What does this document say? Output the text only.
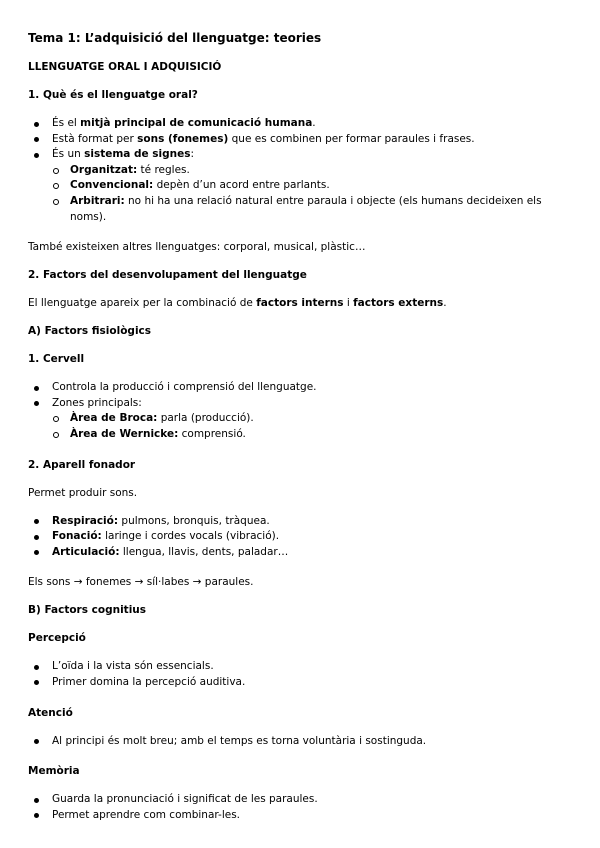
Tema 1: L’adquisició del llenguatge: teories
LLENGUATGE ORAL I ADQUISICIÓ
1. Què és el llenguatge oral?
És el mitjà principal de comunicació humana.
Està format per sons (fonemes) que es combinen per formar paraules i frases.
És un sistema de signes:
Organitzat: té regles.
Convencional: depèn d’un acord entre parlants.
Arbitrari: no hi ha una relació natural entre paraula i objecte (els humans decideixen els noms).
També existeixen altres llenguatges: corporal, musical, plàstic…
2. Factors del desenvolupament del llenguatge
El llenguatge apareix per la combinació de factors interns i factors externs.
A) Factors fisiològics
1. Cervell
Controla la producció i comprensió del llenguatge.
Zones principals:
Àrea de Broca: parla (producció).
Àrea de Wernicke: comprensió.
2. Aparell fonador
Permet produir sons.
Respiració: pulmons, bronquis, tràquea.
Fonació: laringe i cordes vocals (vibració).
Articulació: llengua, llavis, dents, paladar…
Els sons → fonemes → síl·labes → paraules.
B) Factors cognitius
Percepció
L’oïda i la vista són essencials.
Primer domina la percepció auditiva.
Atenció
Al principi és molt breu; amb el temps es torna voluntària i sostinguda.
Memòria
Guarda la pronunciació i significat de les paraules.
Permet aprendre com combinar-les.
